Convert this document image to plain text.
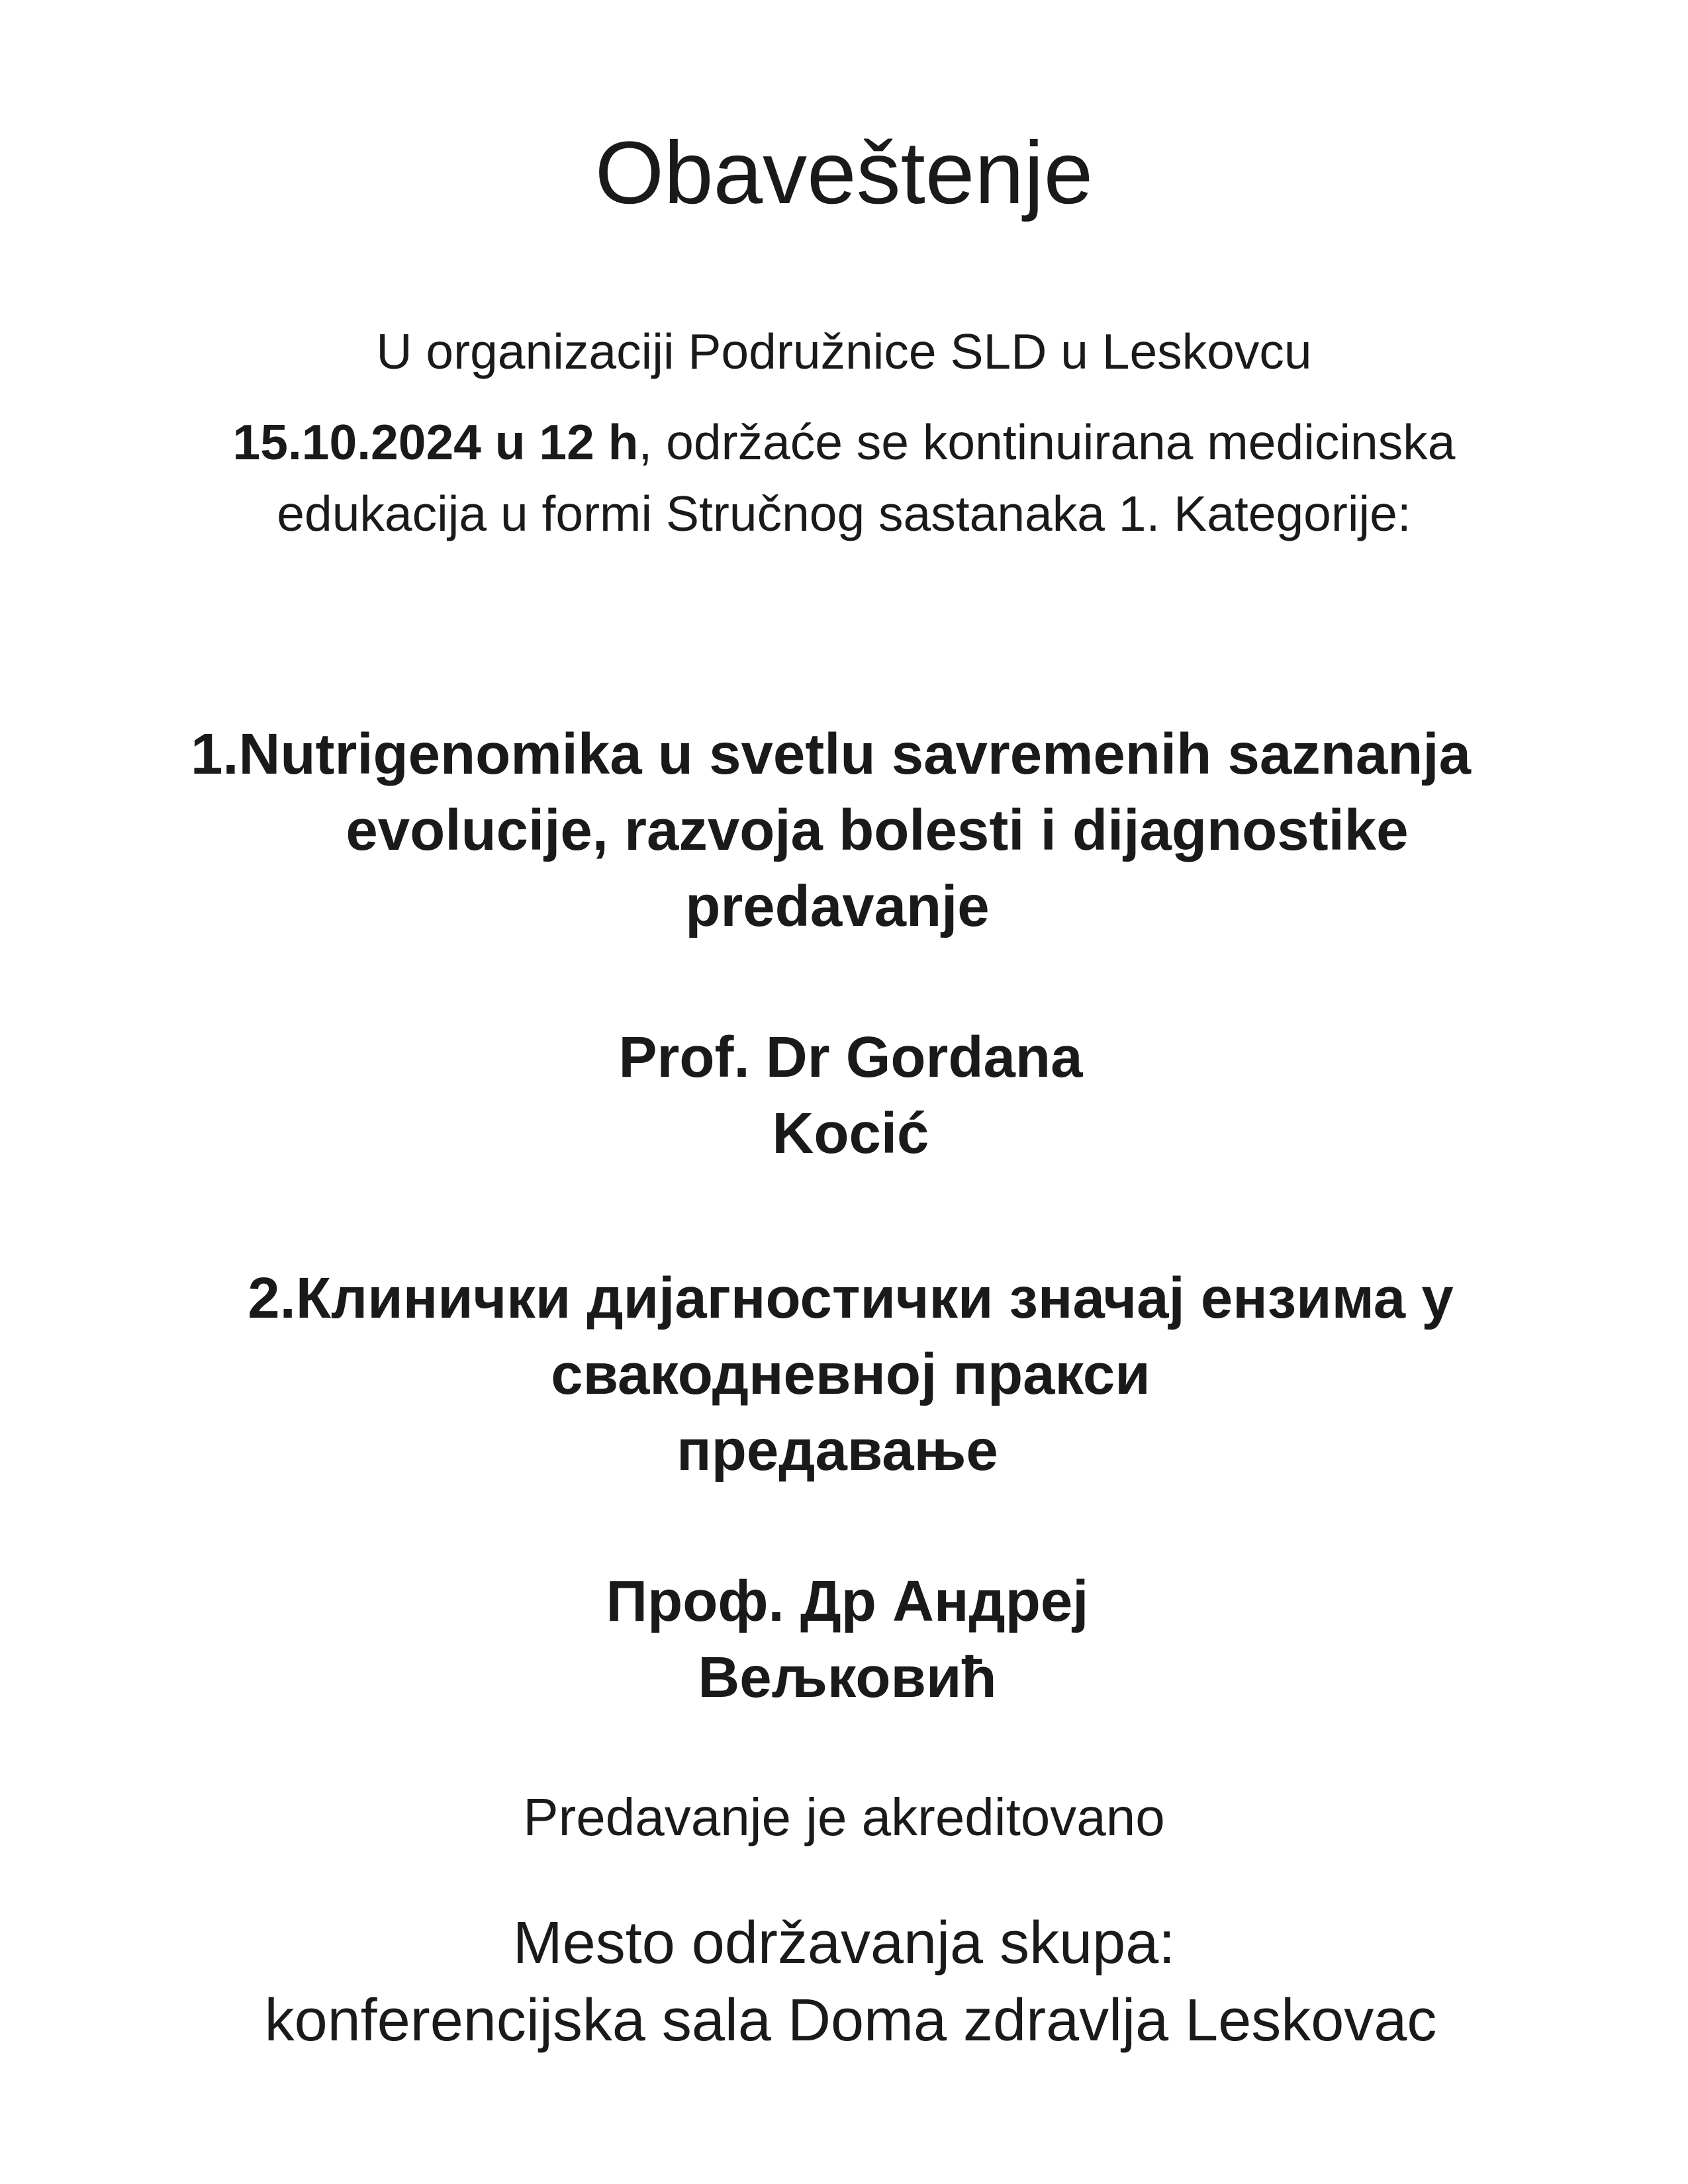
Obaveštenje

U organizaciji Podružnice SLD u Leskovcu

15.10.2024 u 12 h, održaće se kontinuirana medicinska

edukacija u formi Stručnog sastanaka 1. Kategorije:

1.Nutrigenomika u svetlu savremenih saznanja

evolucije, razvoja bolesti i dijagnostike

predavanje

Prof. Dr Gordana

Kocić

2.Клинички дијагностички значај ензима у

свакодневној пракси

предавање

Проф. Др Андреј

Вељковић

Predavanje je akreditovano

Mesto održavanja skupa:

konferencijska sala Doma zdravlja Leskovac
